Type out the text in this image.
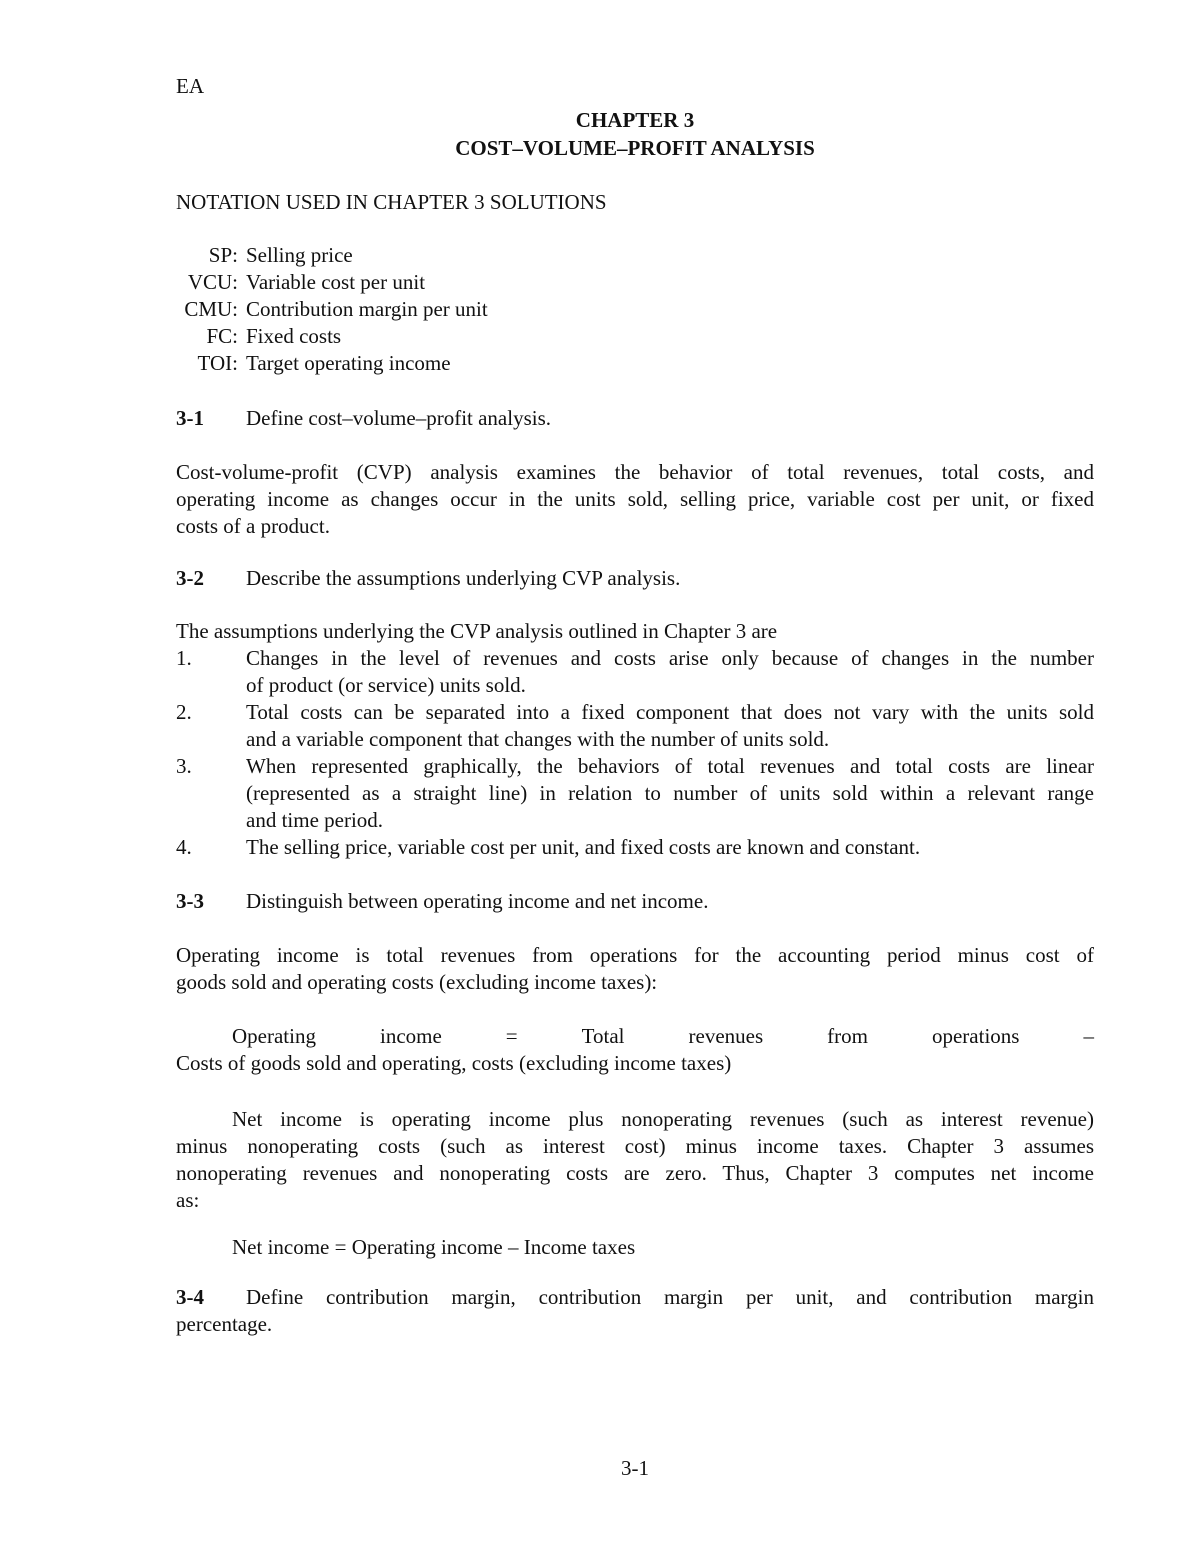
EA
CHAPTER 3
COST–VOLUME–PROFIT ANALYSIS
NOTATION USED IN CHAPTER 3 SOLUTIONS
SP: Selling price
VCU: Variable cost per unit
CMU: Contribution margin per unit
FC: Fixed costs
TOI: Target operating income
3-1 Define cost–volume–profit analysis.
Cost-volume-profit (CVP) analysis examines the behavior of total revenues, total costs, and
operating income as changes occur in the units sold, selling price, variable cost per unit, or fixed
costs of a product.
3-2 Describe the assumptions underlying CVP analysis.
The assumptions underlying the CVP analysis outlined in Chapter 3 are
1.	Changes in the level of revenues and costs arise only because of changes in the number
of product (or service) units sold.
2.	Total costs can be separated into a fixed component that does not vary with the units sold
and a variable component that changes with the number of units sold.
3.	When represented graphically, the behaviors of total revenues and total costs are linear
(represented as a straight line) in relation to number of units sold within a relevant range
and time period.
4.	The selling price, variable cost per unit, and fixed costs are known and constant.
3-3 Distinguish between operating income and net income.
Operating income is total revenues from operations for the accounting period minus cost of
goods sold and operating costs (excluding income taxes):
Operating	income	=	Total	revenues	from	operations	–
Costs of goods sold and operating, costs (excluding income taxes)
Net income is operating income plus nonoperating revenues (such as interest revenue)
minus nonoperating costs (such as interest cost) minus income taxes. Chapter 3 assumes
nonoperating revenues and nonoperating costs are zero. Thus, Chapter 3 computes net income
as:
Net income = Operating income – Income taxes
3-4 Define contribution margin, contribution margin per unit, and contribution margin
percentage.
3-1
